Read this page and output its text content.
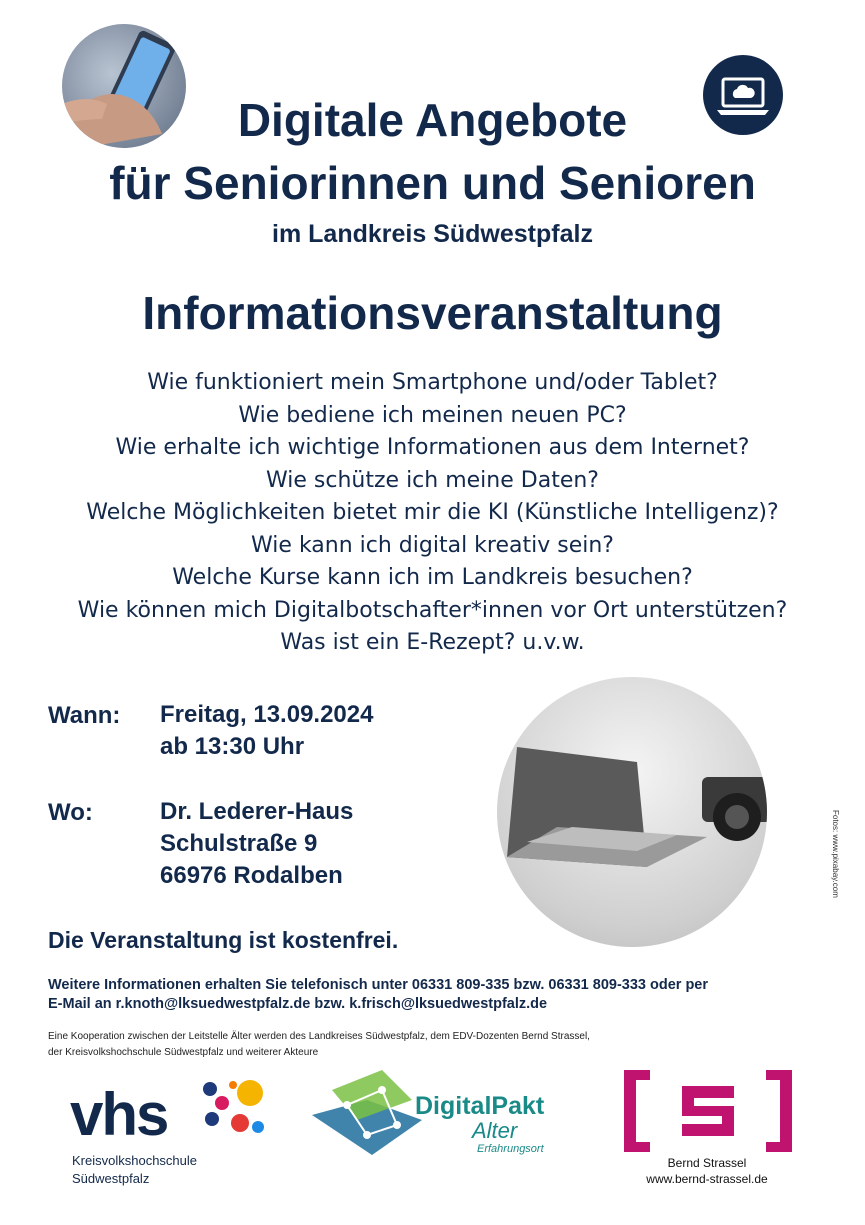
Digitale Angebote
für Seniorinnen und Senioren
im Landkreis Südwestpfalz
Informationsveranstaltung
Wie funktioniert mein Smartphone und/oder Tablet?
Wie bediene ich meinen neuen PC?
Wie erhalte ich wichtige Informationen aus dem Internet?
Wie schütze ich meine Daten?
Welche Möglichkeiten bietet mir die KI (Künstliche Intelligenz)?
Wie kann ich digital kreativ sein?
Welche Kurse kann ich im Landkreis besuchen?
Wie können mich Digitalbotschafter*innen vor Ort unterstützen?
Was ist ein E-Rezept? u.v.w.
Wann: Freitag, 13.09.2024
ab 13:30 Uhr
Wo:	Dr. Lederer-Haus
Schulstraße 9
66976 Rodalben	Fotos: www.pixabay.com
Die Veranstaltung ist kostenfrei.
Weitere Informationen erhalten Sie telefonisch unter 06331 809-335 bzw. 06331 809-333 oder per
E-Mail an r.knoth@lksuedwestpfalz.de bzw. k.frisch@lksuedwestpfalz.de
Eine Kooperation zwischen der Leitstelle Älter werden des Landkreises Südwestpfalz, dem EDV-Dozenten Bernd Strassel,
der Kreisvolkshochschule Südwestpfalz und weiterer Akteure
vhs
Kreisvolkshochschule
Südwestpfalz
DigitalPakt
Alter
Erfahrungsort
Bernd Strassel
www.bernd-strassel.de
